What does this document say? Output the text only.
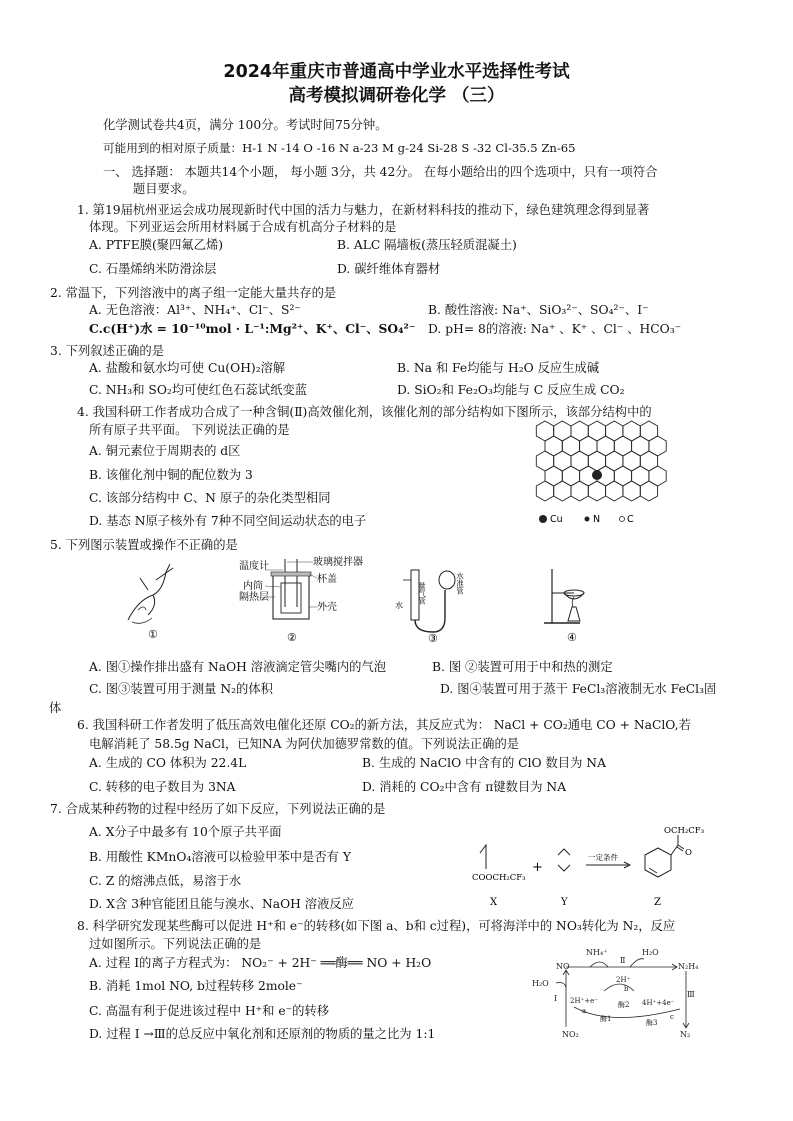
2024年重庆市普通高中学业水平选择性考试
高考模拟调研卷化学 （三）
化学测试卷共4页，满分 100分。考试时间75分钟。
可能用到的相对原子质量：H-1 N -14 O -16 N a-23 M g-24 Si-28 S -32 Cl-35.5 Zn-65
一、 选择题： 本题共14个小题， 每小题 3分，共 42分。 在每小题给出的四个选项中，只有一项符合
题目要求。
1. 第19届杭州亚运会成功展现新时代中国的活力与魅力，在新材料科技的推动下，绿色建筑理念得到显著
体现。下列亚运会所用材料属于合成有机高分子材料的是
A. PTFE膜(聚四氟乙烯)	B. ALC 隔墙板(蒸压轻质混凝土)
C. 石墨烯纳米防滑涂层	D. 碳纤维体育器材
2. 常温下，下列溶液中的离子组一定能大量共存的是
A. 无色溶液：Al³⁺、NH₄⁺、Cl⁻、S²⁻	B. 酸性溶液: Na⁺、SiO₃²⁻、SO₄²⁻、I⁻
C.c(H⁺)水 = 10⁻¹⁰mol · L⁻¹:Mg²⁺、K⁺、Cl⁻、SO₄²⁻ D. pH= 8的溶液: Na⁺ 、K⁺ 、Cl⁻ 、HCO₃⁻
3. 下列叙述正确的是
A. 盐酸和氨水均可使 Cu(OH)₂溶解	B. Na 和 Fe均能与 H₂O 反应生成碱
C. NH₃和 SO₂均可使红色石蕊试纸变蓝	D. SiO₂和 Fe₂O₃均能与 C 反应生成 CO₂
4. 我国科研工作者成功合成了一种含铜(Ⅱ)高效催化剂，该催化剂的部分结构如下图所示，该部分结构中的
所有原子共平面。 下列说法正确的是
A. 铜元素位于周期表的 d区
B. 该催化剂中铜的配位数为 3
C. 该部分结构中 C、N 原子的杂化类型相同
D. 基态 N原子核外有 7种不同空间运动状态的电子	Cu	N	C
5. 下列图示装置或操作不正确的是
①
温度计	玻璃搅拌器
内筒
杯盖
隔热层
外壳
②
量气管	水准管
水
③	④
A. 图①操作排出盛有 NaOH 溶液滴定管尖嘴内的气泡	B. 图 ②装置可用于中和热的测定
C. 图③装置可用于测量 N₂的体积	D. 图④装置可用于蒸干 FeCl₃溶液制无水 FeCl₃固
体
6. 我国科研工作者发明了低压高效电催化还原 CO₂的新方法，其反应式为： NaCl + CO₂通电 CO + NaClO,若
电解消耗了 58.5g NaCl，已知NA 为阿伏加德罗常数的值。下列说法正确的是
A. 生成的 CO 体积为 22.4L	B. 生成的 NaClO 中含有的 ClO 数目为 NA
C. 转移的电子数目为 3NA	D. 消耗的 CO₂中含有 π键数目为 NA
7. 合成某种药物的过程中经历了如下反应，下列说法正确的是
A. X分子中最多有 10个原子共平面
B. 用酸性 KMnO₄溶液可以检验甲苯中是否有 Y
C. Z 的熔沸点低，易溶于水
D. X含 3种官能团且能与溴水、NaOH 溶液反应
COOCH₂CF₃
+
一定条件	O
OCH₂CF₃
X	Y	Z
8. 科学研究发现某些酶可以促进 H⁺和 e⁻的转移(如下图 a、b和 c过程)，可将海洋中的 NO₃转化为 N₂，反应
过如图所示。下列说法正确的是
A. 过程 Ⅰ的离子方程式为： NO₂⁻ + 2H⁻ ══酶══ NO + H₂O
B. 消耗 1mol NO, b过程转移 2mole⁻
C. 高温有利于促进该过程中 H⁺和 e⁻的转移
D. 过程 Ⅰ →Ⅲ的总反应中氧化剂和还原剂的物质的量之比为 1:1
NH₄⁺	H₂O
NO	N₂H₄
H₂O
Ⅰ
Ⅱ
Ⅲ
2H⁺+e⁻
2H⁺
b
4H⁺+4e⁻
a
c
酶1
酶2
酶3
NO₂	N₂
